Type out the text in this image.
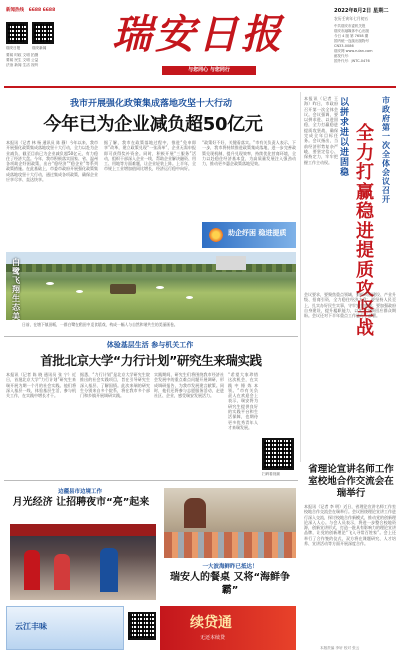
新闻热线 6688 6688
瑞安日报	瑞安新闻
要闻 时政 文明 拍摄
要闻 民生 文明 公益
法治 新闻 生活 视听
瑞安日报
与您同心 与您同行
2022年8月2日 星期二
农历壬寅年七月初五
中共瑞安市委机关报
瑞安市融媒体中心出版
今日 4 版 第 7658 期
国内统一连续出版物号
CN33-0086
瑞安网 www.ruian.com
邮发代号：
国外代号：JNTC-0476
我市开展强化政策集成落地攻坚十大行动
今年已为企业减负超50亿元
本报讯（记者 林 杨 通讯员 陈 静）今年以来，我市开展强化政策集成落地攻坚十大行动，全力以赴为企业减负，截至目前已为企业减负超50亿元，有力稳住了经济大盘。今年，我市积极落实国家、省、温州各项助企纾困政策，出台“稳经济”“稳企业”等系列政策措施。在此基础上，市委市政府开展强化政策集成落地攻坚十大行动，通过集成各项政策，确保企业应享尽享、直达快享。
据了解，我市在政策落地过程中，推进“免申即享”改革，建立政策兑现“一张清单”，企业无需申报即可获得奖补资金。同时，积极开展“三服务”活动，组织干部深入企业一线，帮助企业解决融资、用工、用地等方面难题，让企业轻装上阵。上半年，全市规上工业增加值同比增长，经济运行稳中向好。
“政策好不好，关键看落实。”市有关负责人表示，下一步，我市将持续推进政策集成落地，进一步完善政策兑现机制，提升兑现效率，持续优化营商环境，全力以赴稳住经济基本盘，为高质量发展注入强劲动力，推动更多惠企政策落地见效。
助企纾困 稳进提质
白鹭飞翔 生态美
日前，在塘下镇田畈，一群白鹭在稻田中觅食嬉戏，构成一幅人与自然和谐共生的美丽画卷。
本报讯（记者 王 海）昨日，市政府召开第一次全体会议。会议强调，要以拼求进、以进固稳，全力打赢稳进提质攻坚战，确保完成全年目标任务。会议指出，当前经济形势复杂严峻，要坚定信心、保持定力，牢牢把握工作主动权。
以拼求进 以进固稳
全力打赢稳进提质攻坚战
市政府第一次全体会议召开
会议要求，要聚焦重点领域，狠抓项目建设、产业升级、招商引资，全力稳住经济大盘；要坚持人民至上，扎实办好民生实事，守牢安全底线；要加强政府自身建设，提升履职能力，以实干实绩回应群众期盼。会议还对下半年重点工作进行了部署。
体验基层生活 参与机关工作
首批北京大学“力行计划”研究生来瑞实践
本报讯（记者 陈 晓 通讯员 张 宁）近日，首批北京大学“力行计划”研究生来瑞开展为期一个月的社会实践。他们将深入基层一线，体验基层生活，参与机关工作，在实践中增长才干。
据悉，“力行计划”是北京大学研究生院推出的社会实践项目，旨在引导研究生深入基层、了解国情。此次来瑞的研究生分别来自多个院系，将在我市多个部门和乡镇开展调研实践。
实践期间，研究生们将围绕我市经济社会发展中的重点难点问题开展调研，形成调研报告，为我市发展建言献策。同时，他们还将参与志愿服务活动，走进社区、企业，感受瑞安发展活力。
“希望大家珍惜这次机会，在实践中锤炼本领。”市有关负责人在欢迎会上表示，瑞安将为研究生提供良好的实践平台和生活保障，也期待更多优秀青年人才来瑞发展。
扫码看视频	省理论宣讲名师工作室校地合作交流会在瑞举行
本报讯（记者 李 明）近日，省理论宣讲名师工作室校地合作交流会在瑞举行。会议围绕理论宣讲工作进行深入交流，探讨校地合作新模式，推动党的创新理论深入人心。与会人员表示，将进一步整合校地资源，创新宣讲形式，打造一批具有影响力的理论宣讲品牌，让党的创新理论“飞入寻常百姓家”。会上还举行了合作签约仪式，双方将在课题研究、人才培养、宣讲活动等方面开展深度合作。
本版责编 李轩 校对 张云
边疆县市边境工作
月光经济 让招聘夜市“亮”起来
一大波海鲜昨已抵达！
瑞安人的餐桌 又将“海鲜争霸”
云江丰味	续贷通
无还本续贷
